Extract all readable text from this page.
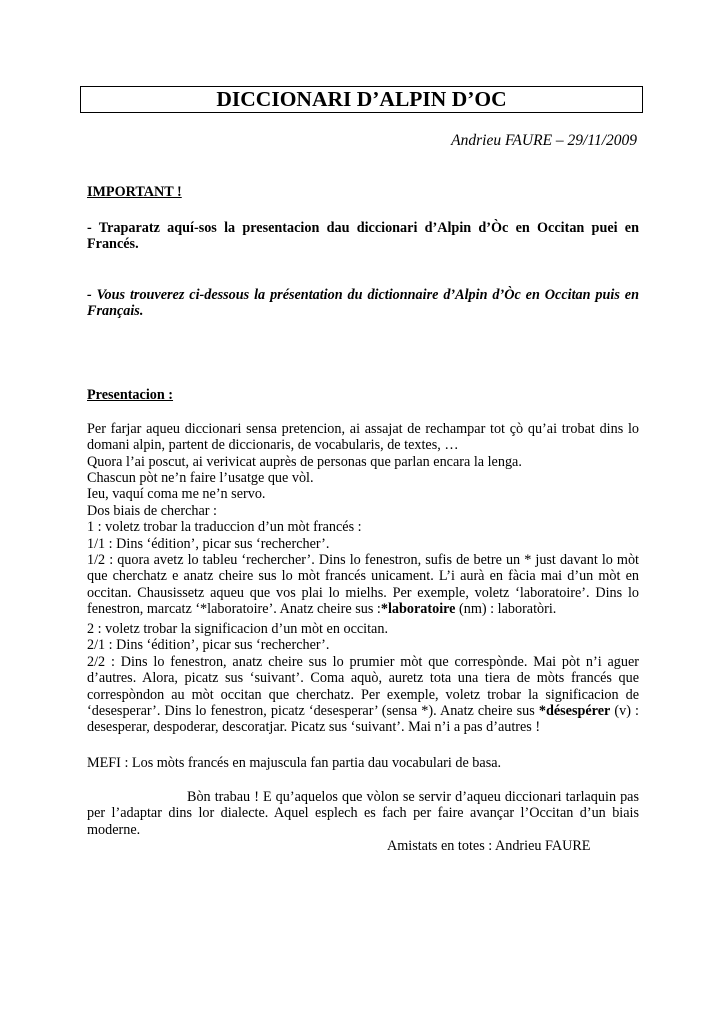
DICCIONARI D’ALPIN D’OC
Andrieu FAURE – 29/11/2009
IMPORTANT !
- Traparatz aquí-sos la presentacion dau diccionari d’Alpin d’Òc en Occitan puei en Francés.
- Vous trouverez ci-dessous la présentation du dictionnaire d’Alpin d’Òc en Occitan puis en Français.
Presentacion :
Per farjar aqueu diccionari sensa pretencion, ai assajat de rechampar tot çò qu’ai trobat dins lo domani alpin, partent de diccionaris, de vocabularis, de textes, …
Quora l’ai poscut, ai verivicat auprès de personas que parlan encara la lenga.
Chascun pòt ne’n faire l’usatge que vòl.
Ieu, vaquí coma me ne’n servo.
Dos biais de cherchar :
1 : voletz trobar la traduccion d’un mòt francés :
1/1 : Dins ‘édition’, picar sus ‘rechercher’.
1/2 : quora avetz lo tableu ‘rechercher’. Dins lo fenestron, sufis de betre un * just davant lo mòt que cherchatz e anatz cheire sus lo mòt francés unicament. L’i aurà en fàcia mai d’un mòt en occitan. Chausissetz aqueu que vos plai lo mielhs. Per exemple, voletz ‘laboratoire’. Dins lo fenestron, marcatz ‘*laboratoire’. Anatz cheire sus :*laboratoire (nm) : laboratòri.
2 : voletz trobar la significacion d’un mòt en occitan.
2/1 : Dins ‘édition’, picar sus ‘rechercher’.
2/2 : Dins lo fenestron, anatz cheire sus lo prumier mòt que correspònde. Mai pòt n’i aguer d’autres. Alora, picatz sus ‘suivant’. Coma aquò, auretz tota una tiera de mòts francés que correspòndon au mòt occitan que cherchatz. Per exemple, voletz trobar la significacion de ‘desesperar’. Dins lo fenestron, picatz ‘desesperar’ (sensa *). Anatz cheire sus *désespérer (v) : desesperar, despoderar, descoratjar. Picatz sus ‘suivant’. Mai n’i a pas d’autres !
MEFI : Los mòts francés en majuscula fan partia dau vocabulari de basa.
Bòn trabau ! E qu’aquelos que vòlon se servir d’aqueu diccionari tarlaquin pas per l’adaptar dins lor dialecte. Aquel esplech es fach per faire avançar l’Occitan d’un biais moderne.
Amistats en totes : Andrieu FAURE
